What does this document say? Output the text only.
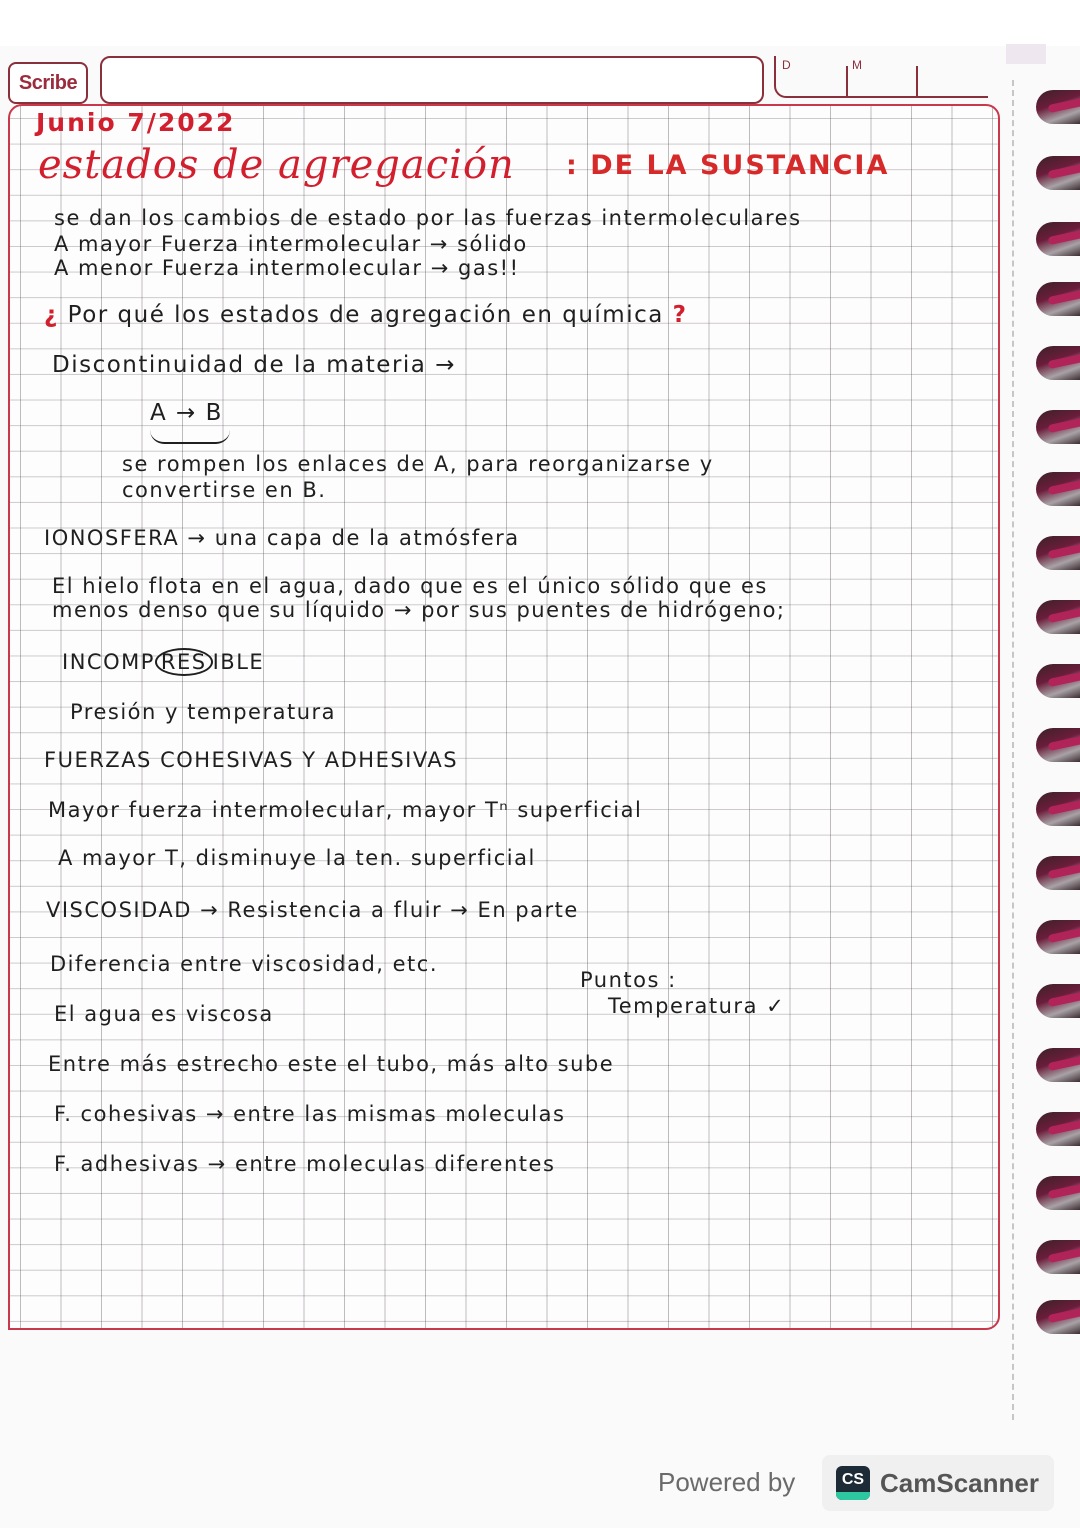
Scribe
D	M
Junio 7/2022
estados de agregación : DE LA SUSTANCIA
se dan los cambios de estado por las fuerzas intermoleculares
A mayor Fuerza intermolecular → sólido
A menor Fuerza intermolecular → gas!!
¿ Por qué los estados de agregación en química ?
Discontinuidad de la materia →
A → B
se rompen los enlaces de A, para reorganizarse y
convertirse en B.
IONOSFERA → una capa de la atmósfera
El hielo flota en el agua, dado que es el único sólido que es
menos denso que su líquido → por sus puentes de hidrógeno;
INCOMP RES IBLE
Presión y temperatura
FUERZAS COHESIVAS Y ADHESIVAS
Mayor fuerza intermolecular, mayor Tⁿ superficial
A mayor T, disminuye la ten. superficial
VISCOSIDAD → Resistencia a fluir → En parte
Diferencia entre viscosidad, etc.
El agua es viscosa
Puntos :
Temperatura ✓
Entre más estrecho este el tubo, más alto sube
F. cohesivas → entre las mismas moleculas
F. adhesivas → entre moleculas diferentes
Powered by	CS CamScanner
